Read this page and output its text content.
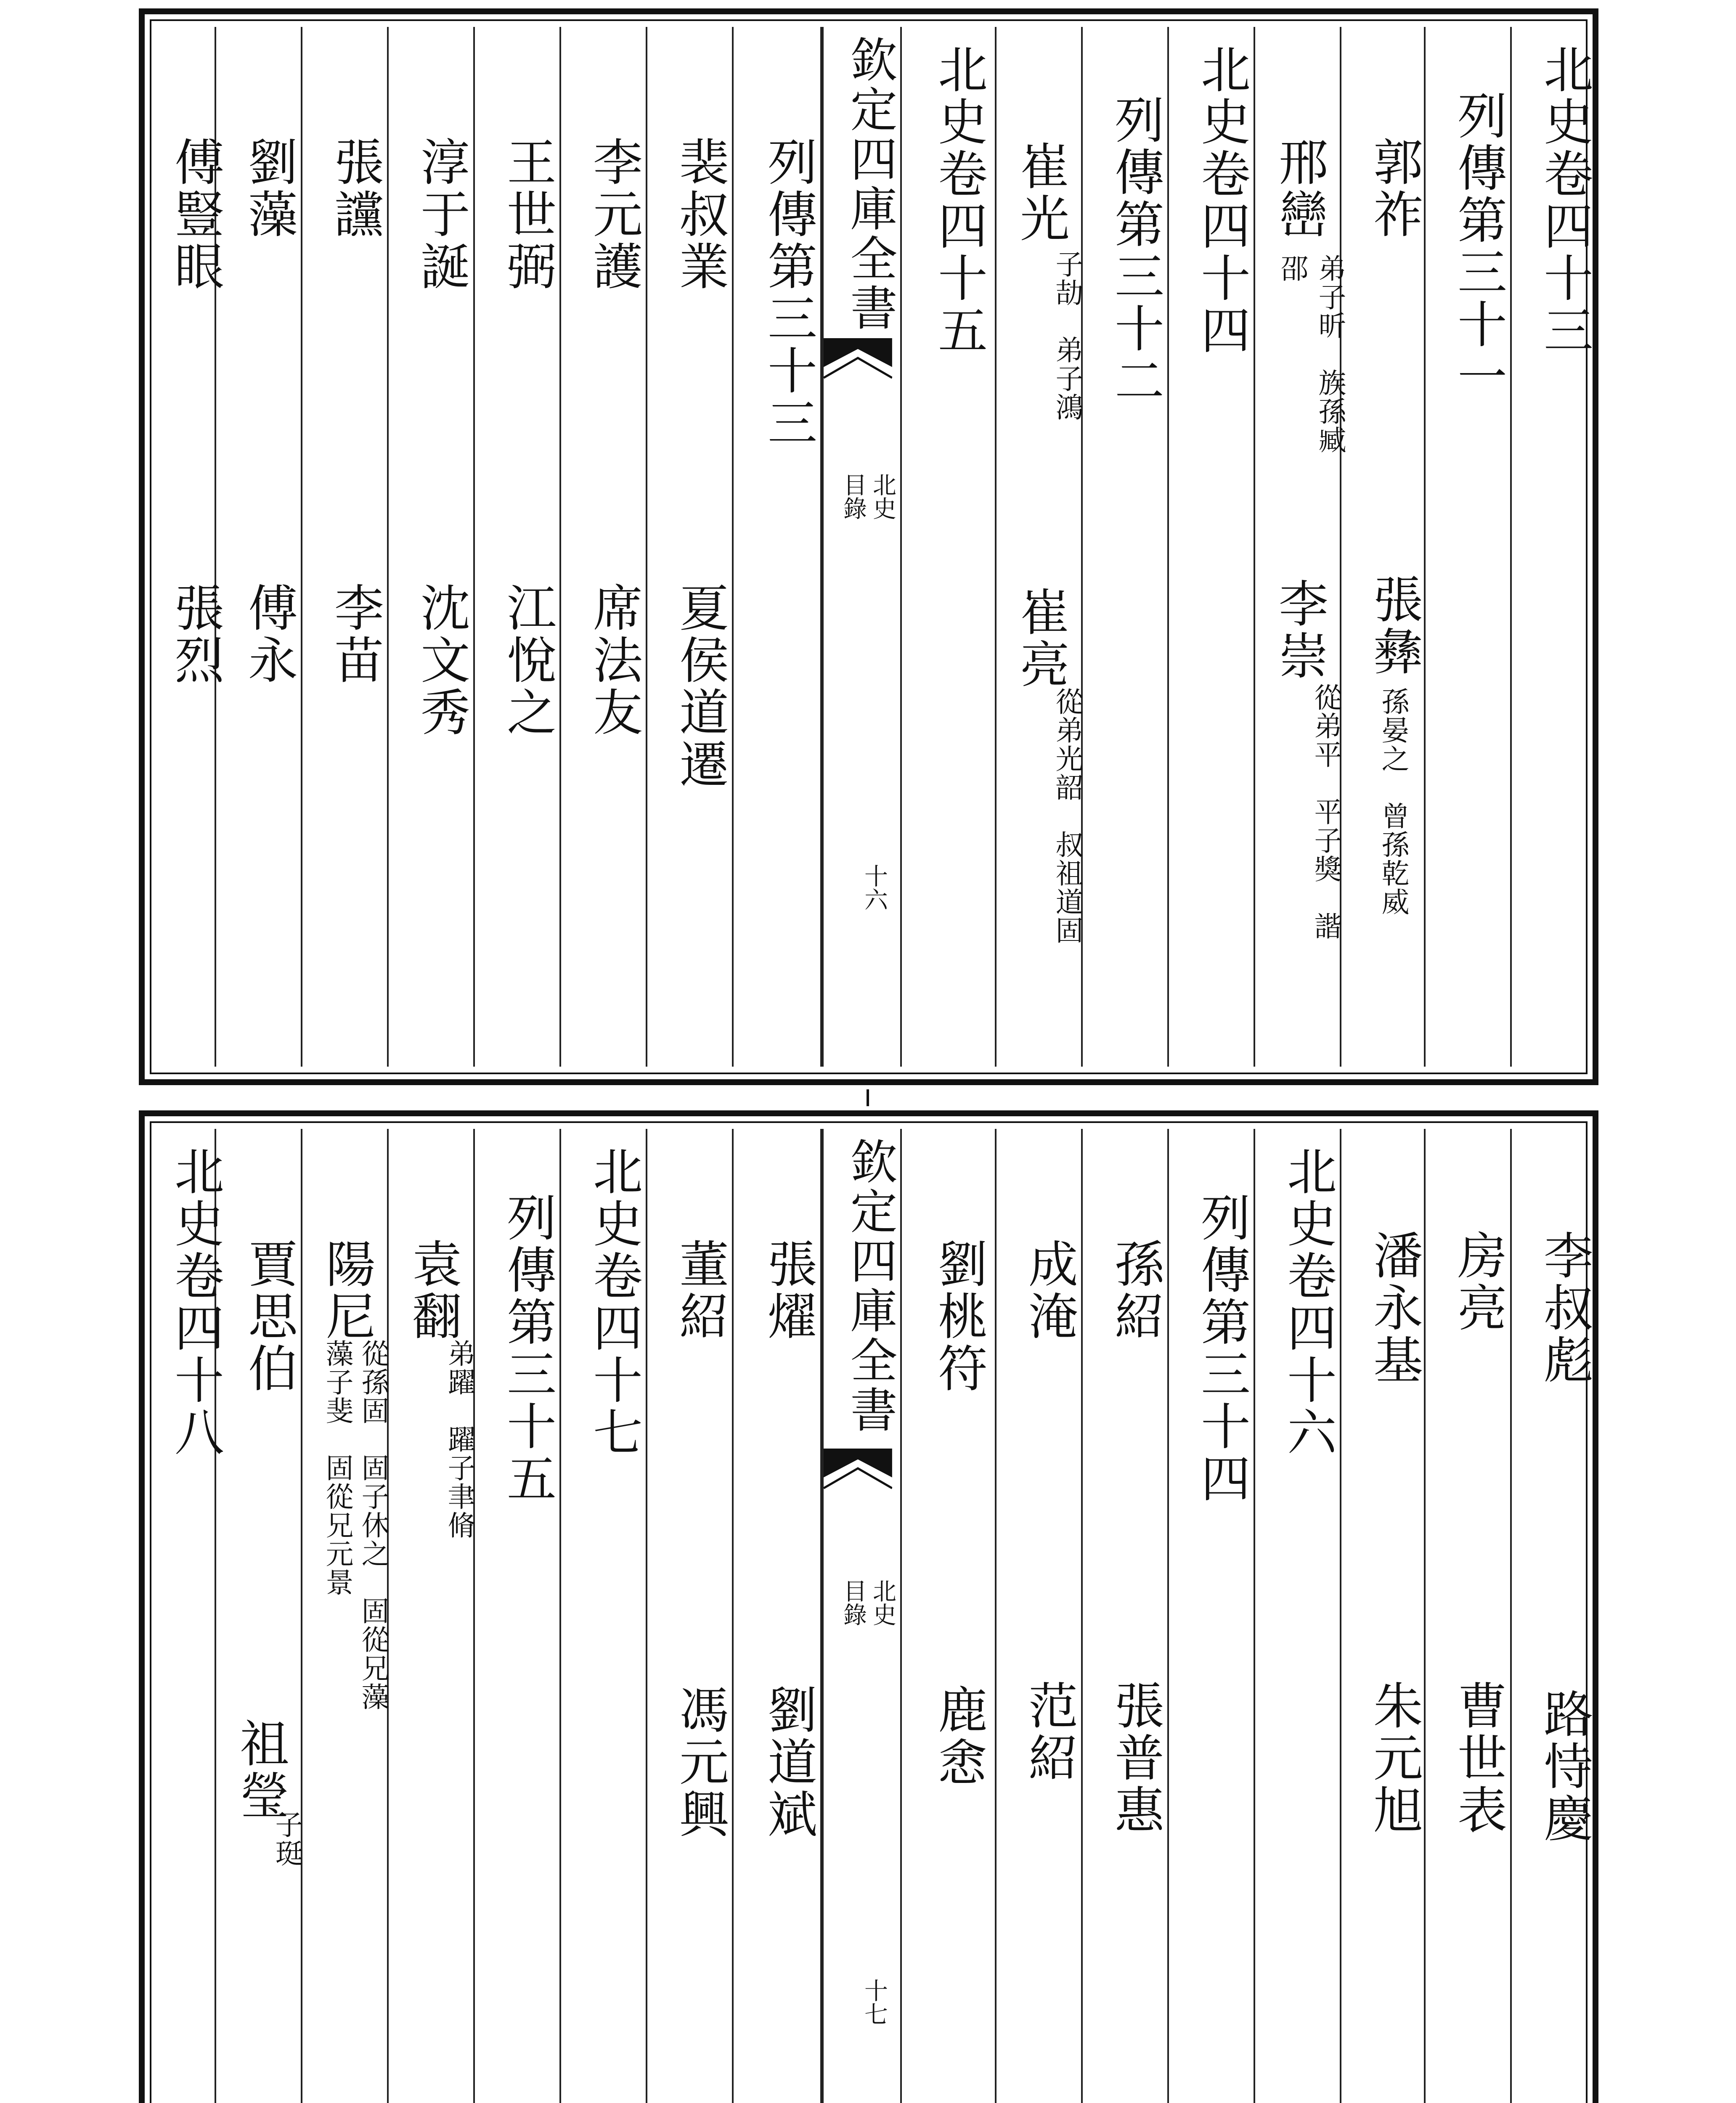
北史卷四十三
列傳第三十一
郭祚
張彝
孫晏之　曾孫乾威
邢巒
弟子昕　族孫臧
邵
李崇
從弟平　平子獎　諧
北史卷四十四
列傳第三十二
崔光
子劼　弟子鴻
崔亮
從弟光韶　叔祖道固
北史卷四十五
欽定四庫全書
北史
目錄
十六
列傳第三十三
裴叔業
夏侯道遷
李元護
席法友
王世弼
江悅之
淳于誕
沈文秀
張讜
李苗
劉藻
傅永
傅豎眼
張烈
李叔彪
路恃慶
房亮
曹世表
潘永基
朱元旭
北史卷四十六
列傳第三十四
孫紹
張普惠
成淹
范紹
劉桃符
鹿悆
欽定四庫全書
北史
目錄
十七
張燿
劉道斌
董紹
馮元興
北史卷四十七
列傳第三十五
袁翻
弟躍　躍子聿脩
陽尼
從孫固　固子休之　固從兄藻
藻子斐　固從兄元景
賈思伯
祖瑩
子珽
北史卷四十八
